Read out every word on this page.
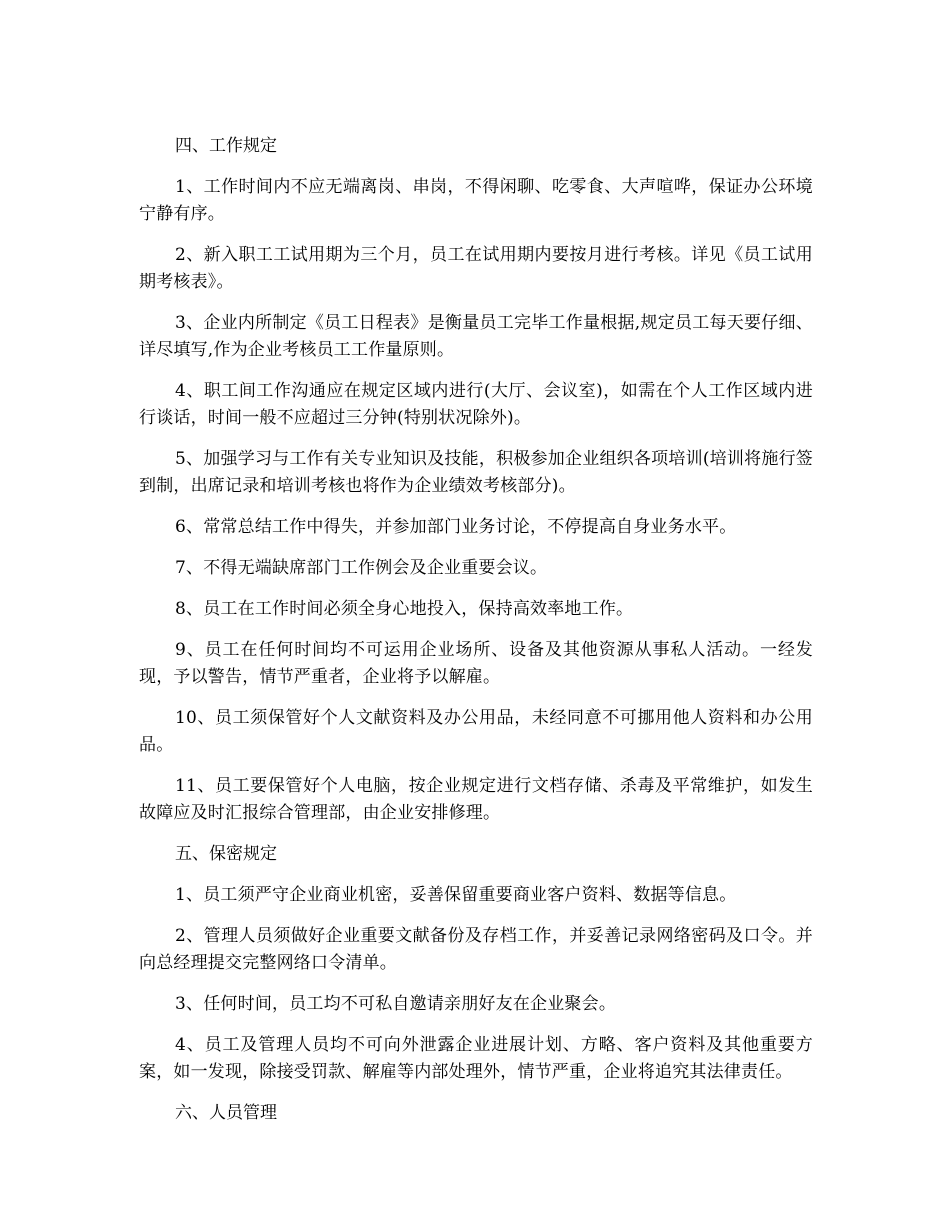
四、工作规定

1、工作时间内不应无端离岗、串岗，不得闲聊、吃零食、大声喧哗，保证办公环境宁静有序。

2、新入职工工试用期为三个月，员工在试用期内要按月进行考核。详见《员工试用期考核表》。

3、企业内所制定《员工日程表》是衡量员工完毕工作量根据,规定员工每天要仔细、详尽填写,作为企业考核员工工作量原则。

4、职工间工作沟通应在规定区域内进行(大厅、会议室)，如需在个人工作区域内进行谈话，时间一般不应超过三分钟(特别状况除外)。

5、加强学习与工作有关专业知识及技能，积极参加企业组织各项培训(培训将施行签到制，出席记录和培训考核也将作为企业绩效考核部分)。

6、常常总结工作中得失，并参加部门业务讨论，不停提高自身业务水平。

7、不得无端缺席部门工作例会及企业重要会议。

8、员工在工作时间必须全身心地投入，保持高效率地工作。

9、员工在任何时间均不可运用企业场所、设备及其他资源从事私人活动。一经发现，予以警告，情节严重者，企业将予以解雇。

10、员工须保管好个人文献资料及办公用品，未经同意不可挪用他人资料和办公用品。

11、员工要保管好个人电脑，按企业规定进行文档存储、杀毒及平常维护，如发生故障应及时汇报综合管理部，由企业安排修理。

五、保密规定

1、员工须严守企业商业机密，妥善保留重要商业客户资料、数据等信息。

2、管理人员须做好企业重要文献备份及存档工作，并妥善记录网络密码及口令。并向总经理提交完整网络口令清单。

3、任何时间，员工均不可私自邀请亲朋好友在企业聚会。

4、员工及管理人员均不可向外泄露企业进展计划、方略、客户资料及其他重要方案，如一发现，除接受罚款、解雇等内部处理外，情节严重，企业将追究其法律责任。

六、人员管理
